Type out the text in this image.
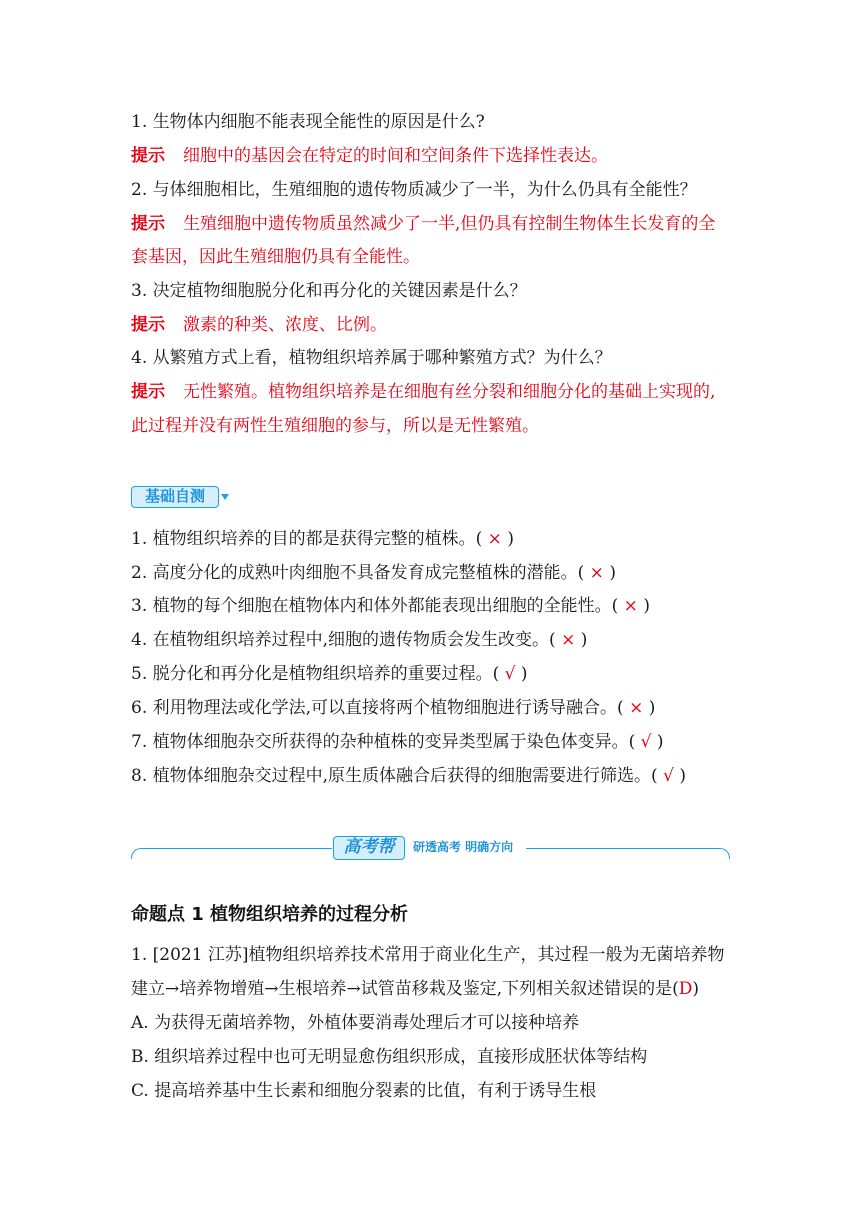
1. 生物体内细胞不能表现全能性的原因是什么?
提示 细胞中的基因会在特定的时间和空间条件下选择性表达。
2. 与体细胞相比，生殖细胞的遗传物质减少了一半，为什么仍具有全能性？
提示 生殖细胞中遗传物质虽然减少了一半,但仍具有控制生物体生长发育的全
套基因，因此生殖细胞仍具有全能性。
3. 决定植物细胞脱分化和再分化的关键因素是什么？
提示 激素的种类、浓度、比例。
4. 从繁殖方式上看，植物组织培养属于哪种繁殖方式？为什么？
提示 无性繁殖。植物组织培养是在细胞有丝分裂和细胞分化的基础上实现的,
此过程并没有两性生殖细胞的参与，所以是无性繁殖。
基础自测
1. 植物组织培养的目的都是获得完整的植株。( × )
2. 高度分化的成熟叶肉细胞不具备发育成完整植株的潜能。( × )
3. 植物的每个细胞在植物体内和体外都能表现出细胞的全能性。( × )
4. 在植物组织培养过程中,细胞的遗传物质会发生改变。( × )
5. 脱分化和再分化是植物组织培养的重要过程。( √ )
6. 利用物理法或化学法,可以直接将两个植物细胞进行诱导融合。( × )
7. 植物体细胞杂交所获得的杂种植株的变异类型属于染色体变异。( √ )
8. 植物体细胞杂交过程中,原生质体融合后获得的细胞需要进行筛选。( √ )
高考帮	研透高考 明确方向
命题点 1 植物组织培养的过程分析
1. [2021 江苏]植物组织培养技术常用于商业化生产，其过程一般为无菌培养物
建立→培养物增殖→生根培养→试管苗移栽及鉴定,下列相关叙述错误的是(D)
A. 为获得无菌培养物，外植体要消毒处理后才可以接种培养
B. 组织培养过程中也可无明显愈伤组织形成，直接形成胚状体等结构
C. 提高培养基中生长素和细胞分裂素的比值，有利于诱导生根
